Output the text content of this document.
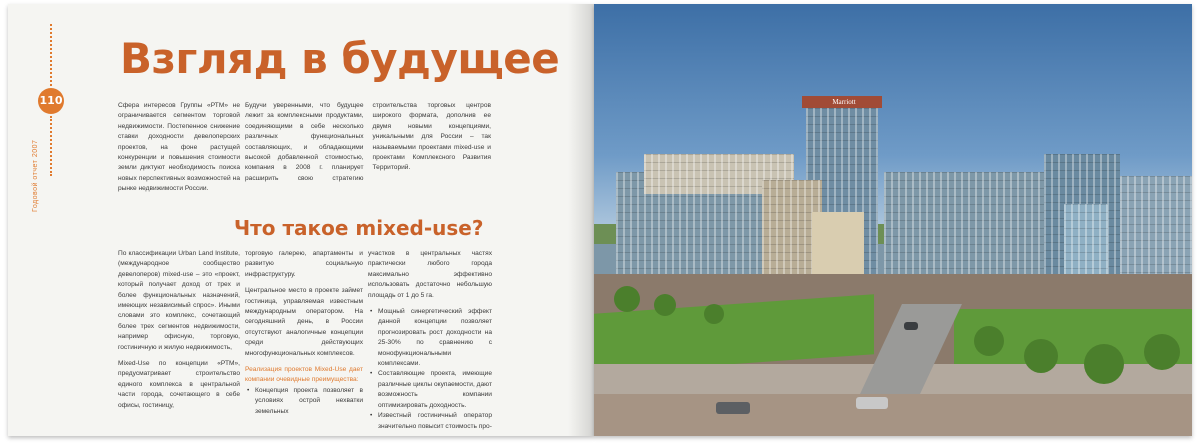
110
Годовой отчет 2007
Взгляд в будущее

Сфера интересов Группы «РТМ» не ограничивается сегментом торговой недвижимости. Постепенное снижение ставки доходности девелоперских проектов, на фоне растущей конкуренции и повышения стоимости земли диктуют необходимость поиска новых перспективных возможностей на рынке недвижимости России.

Будучи уверенными, что будущее лежит за комплексными продуктами, соединяющими в себе несколько различных функциональных составляющих, и обладающими высокой добавленной стоимостью, компания в 2008 г. планирует расширить свою стратегию строительства торговых центров широкого формата, дополнив ее двумя новыми концепциями, уникальными для России – так называемыми проектами mixed-use и проектами Комплексного Развития Территорий.

Что такое mixed-use?

По классификации Urban Land Institute, (международное сообщество девелоперов) mixed-use – это «проект, который получает доход от трех и более функциональных назначений, имеющих независимый спрос». Иными словами это комплекс, сочетающий более трех сегментов недвижимости, например офисную, торговую, гостиничную и жилую недвижимость,

Mixed-Use по концепции «РТМ», предусматривает строительство единого комплекса в центральной части города, сочетающего в себе офисы, гостиницу,

торговую галерею, апартаменты и развитую социальную инфраструктуру.

Центральное место в проекте займет гостиница, управляемая известным международным оператором. На сегодняшний день, в России отсутствуют аналогичные концепции среди действующих многофункциональных комплексов.

Реализация проектов Mixed-Use дает компании очевидные преимущества:

• Концепция проекта позволяет в условиях острой нехватки земельных

участков в центральных частях практически любого города максимально эффективно использовать достаточно небольшую площадь от 1 до 5 га.

• Мощный синергетический эффект данной концепции позволяет прогнозировать рост доходности на 25-30% по сравнению с монофункциональными комплексами.
• Составляющие проекта, имеющие различные циклы окупаемости, дают возможность компании оптимизировать доходность.
• Известный гостиничный оператор значительно повысит стоимость про-
Marriott
